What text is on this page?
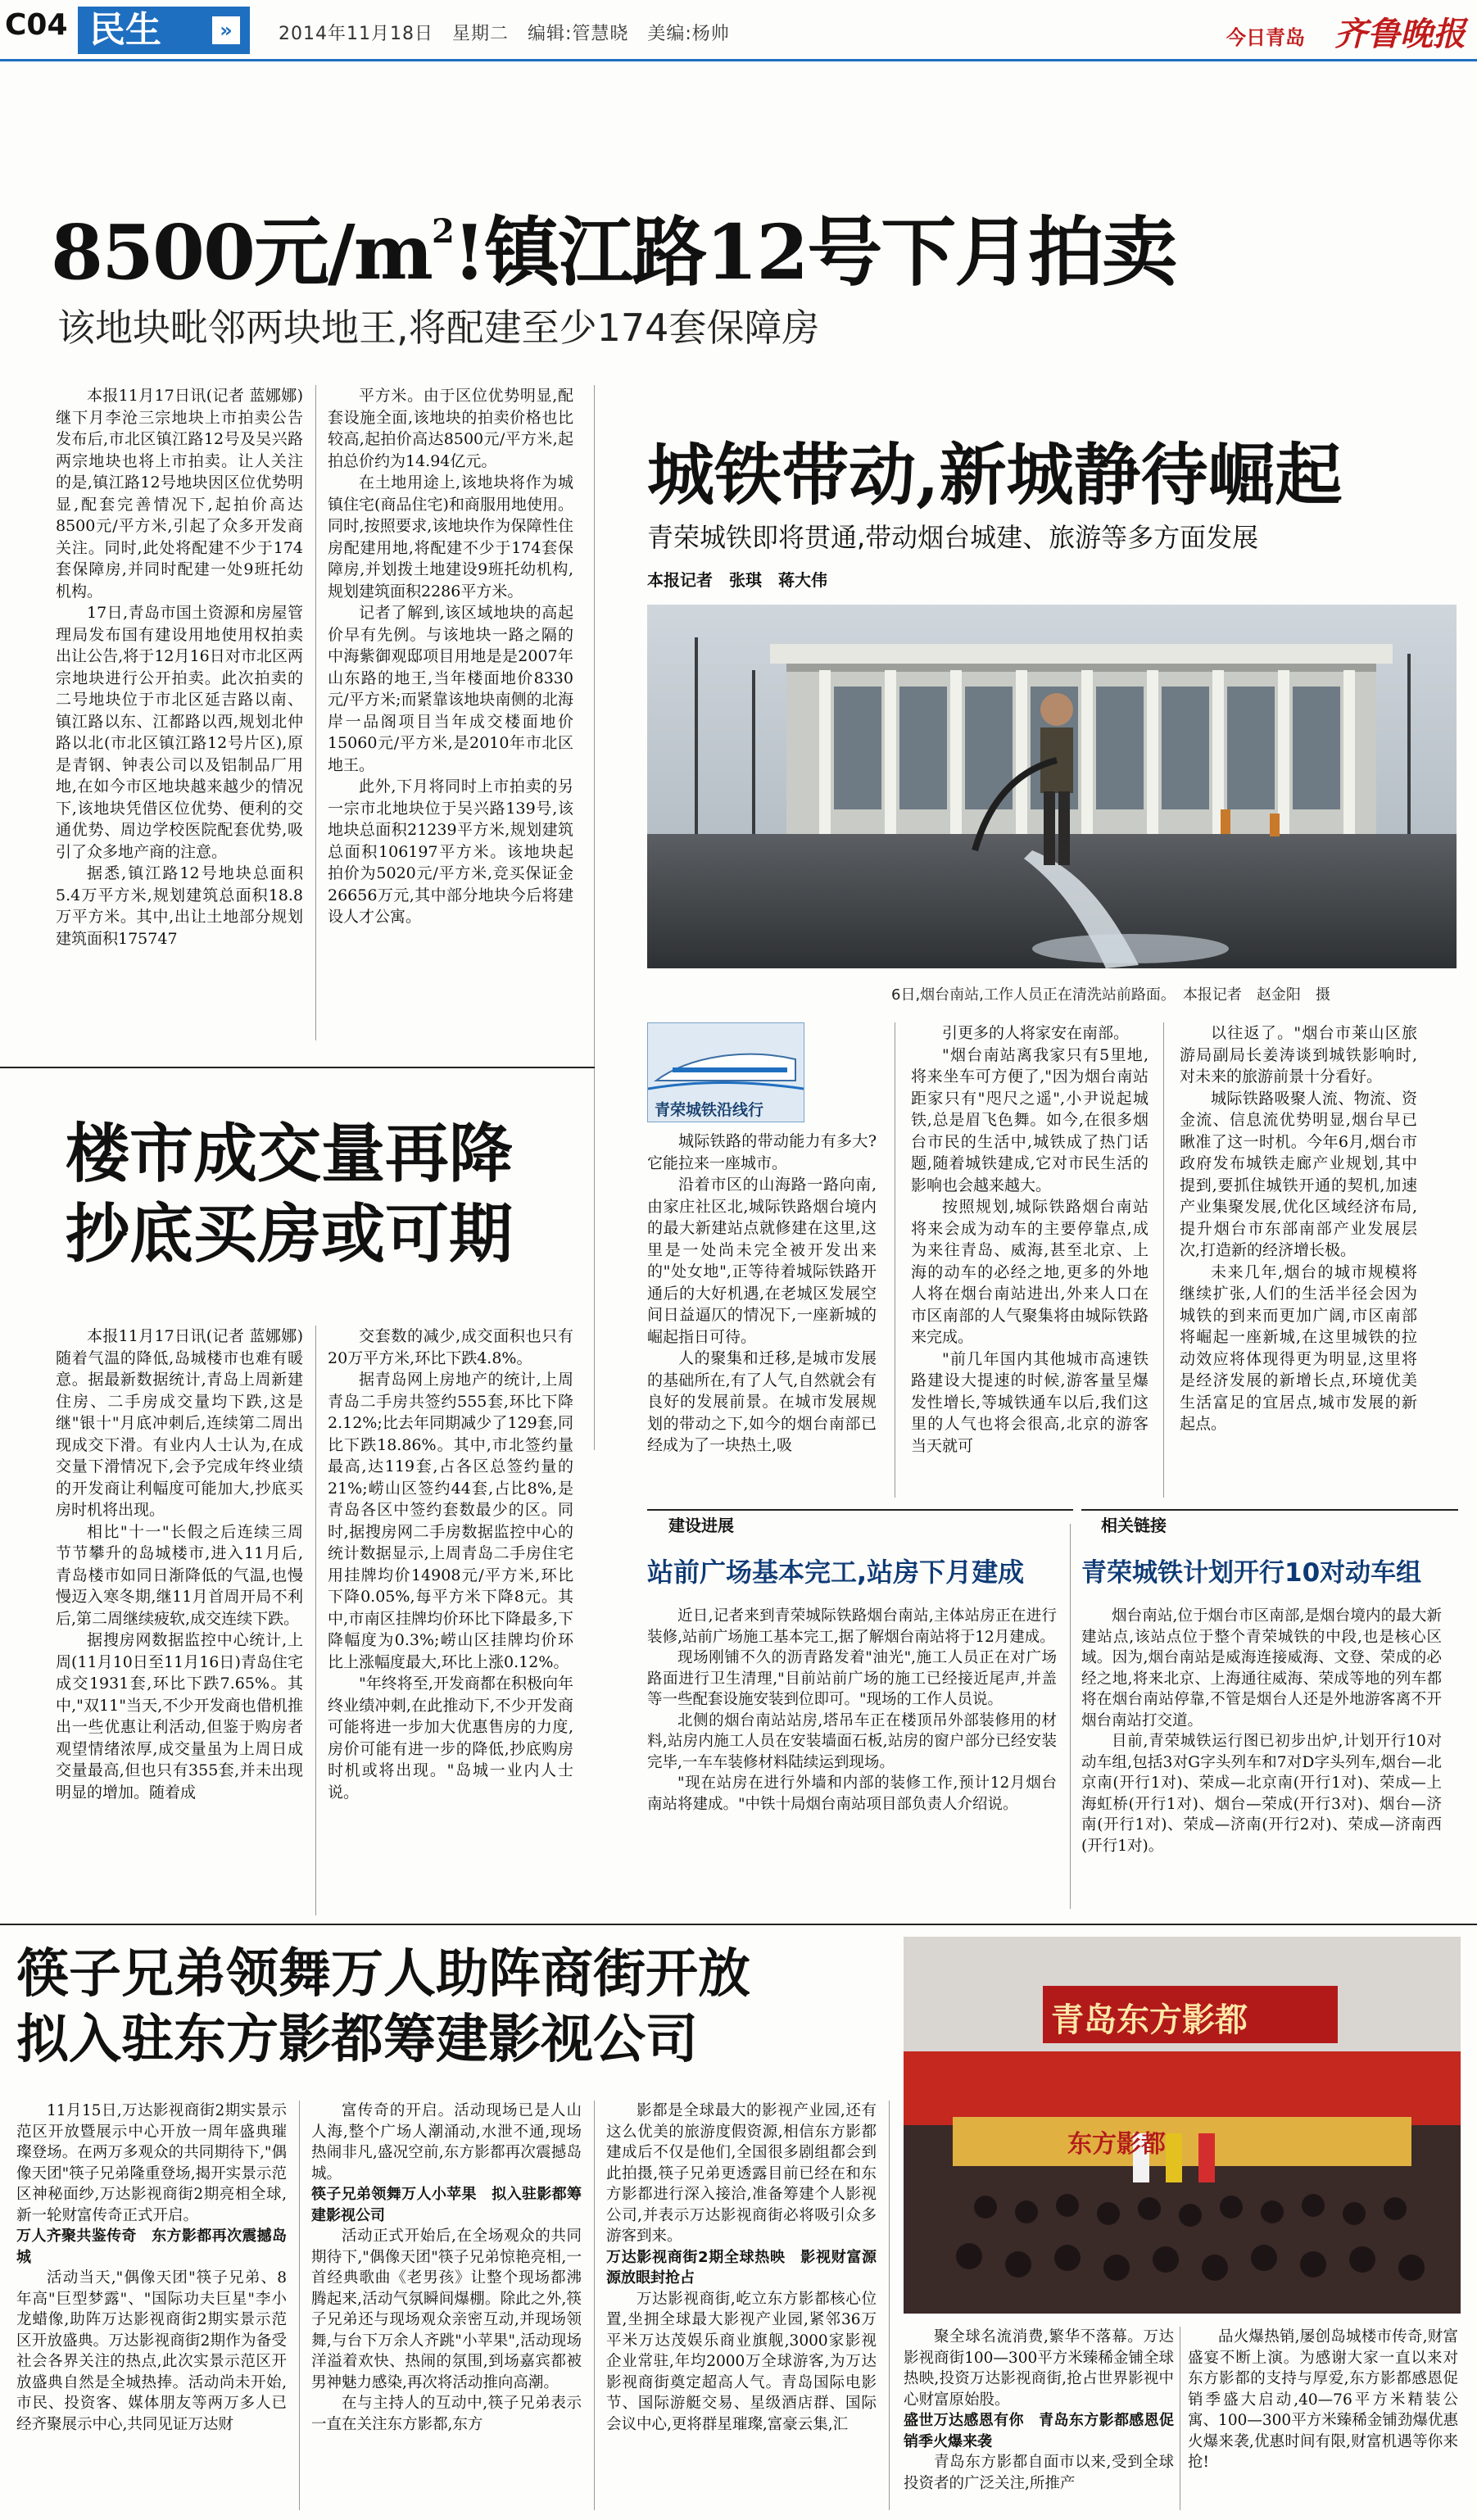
C04 民生	»	2014年11月18日　星期二　编辑:管慧晓　美编:杨帅	今日青岛 齐鲁晚报
8500元$/m^2$!镇江路12号下月拍卖
该地块毗邻两块地王,将配建至少174套保障房

本报11月17日讯(记者 蓝娜娜) 继下月李沧三宗地块上市拍卖公告发布后,市北区镇江路12号及吴兴路两宗地块也将上市拍卖。让人关注的是,镇江路12号地块因区位优势明显,配套完善情况下,起拍价高达8500元/平方米,引起了众多开发商关注。同时,此处将配建不少于174套保障房,并同时配建一处9班托幼机构。

17日,青岛市国土资源和房屋管理局发布国有建设用地使用权拍卖出让公告,将于12月16日对市北区两宗地块进行公开拍卖。此次拍卖的二号地块位于市北区延吉路以南、镇江路以东、江都路以西,规划北仲路以北(市北区镇江路12号片区),原是青钢、钟表公司以及铝制品厂用地,在如今市区地块越来越少的情况下,该地块凭借区位优势、便利的交通优势、周边学校医院配套优势,吸引了众多地产商的注意。

据悉,镇江路12号地块总面积5.4万平方米,规划建筑总面积18.8万平方米。其中,出让土地部分规划建筑面积175747

平方米。由于区位优势明显,配套设施全面,该地块的拍卖价格也比较高,起拍价高达8500元/平方米,起拍总价约为14.94亿元。

在土地用途上,该地块将作为城镇住宅(商品住宅)和商服用地使用。同时,按照要求,该地块作为保障性住房配建用地,将配建不少于174套保障房,并划拨土地建设9班托幼机构,规划建筑面积2286平方米。

记者了解到,该区域地块的高起价早有先例。与该地块一路之隔的中海紫御观邸项目用地是是2007年山东路的地王,当年楼面地价8330元/平方米;而紧靠该地块南侧的北海岸一品阁项目当年成交楼面地价15060元/平方米,是2010年市北区地王。

此外,下月将同时上市拍卖的另一宗市北地块位于吴兴路139号,该地块总面积21239平方米,规划建筑总面积106197平方米。该地块起拍价为5020元/平方米,竞买保证金26656万元,其中部分地块今后将建设人才公寓。

城铁带动,新城静待崛起
青荣城铁即将贯通,带动烟台城建、旅游等多方面发展
本报记者　张琪　蒋大伟
6日,烟台南站,工作人员正在清洗站前路面。　本报记者　赵金阳　摄
青荣城铁沿线行

城际铁路的带动能力有多大?它能拉来一座城市。

沿着市区的山海路一路向南,由家庄社区北,城际铁路烟台境内的最大新建站点就修建在这里,这里是一处尚未完全被开发出来的"处女地",正等待着城际铁路开通后的大好机遇,在老城区发展空间日益逼仄的情况下,一座新城的崛起指日可待。

人的聚集和迁移,是城市发展的基础所在,有了人气,自然就会有良好的发展前景。在城市发展规划的带动之下,如今的烟台南部已经成为了一块热土,吸

引更多的人将家安在南部。

"烟台南站离我家只有5里地,将来坐车可方便了,"因为烟台南站距家只有"咫尺之遥",小尹说起城铁,总是眉飞色舞。如今,在很多烟台市民的生活中,城铁成了热门话题,随着城铁建成,它对市民生活的影响也会越来越大。

按照规划,城际铁路烟台南站将来会成为动车的主要停靠点,成为来往青岛、威海,甚至北京、上海的动车的必经之地,更多的外地人将在烟台南站进出,外来人口在市区南部的人气聚集将由城际铁路来完成。

"前几年国内其他城市高速铁路建设大提速的时候,游客量呈爆发性增长,等城铁通车以后,我们这里的人气也将会很高,北京的游客当天就可

以往返了。"烟台市莱山区旅游局副局长姜涛谈到城铁影响时,对未来的旅游前景十分看好。

城际铁路吸聚人流、物流、资金流、信息流优势明显,烟台早已瞅准了这一时机。今年6月,烟台市政府发布城铁走廊产业规划,其中提到,要抓住城铁开通的契机,加速产业集聚发展,优化区域经济布局,提升烟台市东部南部产业发展层次,打造新的经济增长极。

未来几年,烟台的城市规模将继续扩张,人们的生活半径会因为城铁的到来而更加广阔,市区南部将崛起一座新城,在这里城铁的拉动效应将体现得更为明显,这里将是经济发展的新增长点,环境优美生活富足的宜居点,城市发展的新起点。

楼市成交量再降
抄底买房或可期

本报11月17日讯(记者 蓝娜娜) 随着气温的降低,岛城楼市也难有暖意。据最新数据统计,青岛上周新建住房、二手房成交量均下跌,这是继"银十"月底冲刺后,连续第二周出现成交下滑。有业内人士认为,在成交量下滑情况下,会予完成年终业绩的开发商让利幅度可能加大,抄底买房时机将出现。

相比"十一"长假之后连续三周节节攀升的岛城楼市,进入11月后,青岛楼市如同日渐降低的气温,也慢慢迈入寒冬期,继11月首周开局不利后,第二周继续疲软,成交连续下跌。

据搜房网数据监控中心统计,上周(11月10日至11月16日)青岛住宅成交1931套,环比下跌7.65%。其中,"双11"当天,不少开发商也借机推出一些优惠让利活动,但鉴于购房者观望情绪浓厚,成交量虽为上周日成交量最高,但也只有355套,并未出现明显的增加。随着成

交套数的减少,成交面积也只有20万平方米,环比下跌4.8%。

据青岛网上房地产的统计,上周青岛二手房共签约555套,环比下降2.12%;比去年同期减少了129套,同比下跌18.86%。其中,市北签约量最高,达119套,占各区总签约量的21%;崂山区签约44套,占比8%,是青岛各区中签约套数最少的区。同时,据搜房网二手房数据监控中心的统计数据显示,上周青岛二手房住宅用挂牌均价14908元/平方米,环比下降0.05%,每平方米下降8元。其中,市南区挂牌均价环比下降最多,下降幅度为0.3%;崂山区挂牌均价环比上涨幅度最大,环比上涨0.12%。

"年终将至,开发商都在积极向年终业绩冲刺,在此推动下,不少开发商可能将进一步加大优惠售房的力度,房价可能有进一步的降低,抄底购房时机或将出现。"岛城一业内人士说。

建设进展
站前广场基本完工,站房下月建成

近日,记者来到青荣城际铁路烟台南站,主体站房正在进行装修,站前广场施工基本完工,据了解烟台南站将于12月建成。

现场刚铺不久的沥青路发着"油光",施工人员正在对广场路面进行卫生清理,"目前站前广场的施工已经接近尾声,并盖等一些配套设施安装到位即可。"现场的工作人员说。

北侧的烟台南站站房,塔吊车正在楼顶吊外部装修用的材料,站房内施工人员在安装墙面石板,站房的窗户部分已经安装完毕,一车车装修材料陆续运到现场。

"现在站房在进行外墙和内部的装修工作,预计12月烟台南站将建成。"中铁十局烟台南站项目部负责人介绍说。

相关链接
青荣城铁计划开行10对动车组

烟台南站,位于烟台市区南部,是烟台境内的最大新建站点,该站点位于整个青荣城铁的中段,也是核心区域。因为,烟台南站是威海连接威海、文登、荣成的必经之地,将来北京、上海通往威海、荣成等地的列车都将在烟台南站停靠,不管是烟台人还是外地游客离不开烟台南站打交道。

目前,青荣城铁运行图已初步出炉,计划开行10对动车组,包括3对G字头列车和7对D字头列车,烟台—北京南(开行1对)、荣成—北京南(开行1对)、荣成—上海虹桥(开行1对)、烟台—荣成(开行3对)、烟台—济南(开行1对)、荣成—济南(开行2对)、荣成—济南西(开行1对)。

筷子兄弟领舞万人助阵商街开放
拟入驻东方影都筹建影视公司	青岛东方影都
东方影都

11月15日,万达影视商街2期实景示范区开放暨展示中心开放一周年盛典璀璨登场。在两万多观众的共同期待下,"偶像天团"筷子兄弟隆重登场,揭开实景示范区神秘面纱,万达影视商街2期亮相全球,新一轮财富传奇正式开启。

万人齐聚共鉴传奇　东方影都再次震撼岛城

活动当天,"偶像天团"筷子兄弟、8年高"巨型梦露"、"国际功夫巨星"李小龙蜡像,助阵万达影视商街2期实景示范区开放盛典。万达影视商街2期作为备受社会各界关注的热点,此次实景示范区开放盛典自然是全城热捧。活动尚未开始,市民、投资客、媒体朋友等两万多人已经齐聚展示中心,共同见证万达财

富传奇的开启。活动现场已是人山人海,整个广场人潮涌动,水泄不通,现场热闹非凡,盛况空前,东方影都再次震撼岛城。

筷子兄弟领舞万人小苹果　拟入驻影都筹建影视公司

活动正式开始后,在全场观众的共同期待下,"偶像天团"筷子兄弟惊艳亮相,一首经典歌曲《老男孩》让整个现场都沸腾起来,活动气氛瞬间爆棚。除此之外,筷子兄弟还与现场观众亲密互动,并现场领舞,与台下万余人齐跳"小苹果",活动现场洋溢着欢快、热闹的氛围,到场嘉宾都被男神魅力感染,再次将活动推向高潮。

在与主持人的互动中,筷子兄弟表示一直在关注东方影都,东方

影都是全球最大的影视产业园,还有这么优美的旅游度假资源,相信东方影都建成后不仅是他们,全国很多剧组都会到此拍摄,筷子兄弟更透露目前已经在和东方影都进行深入接洽,准备筹建个人影视公司,并表示万达影视商街必将吸引众多游客到来。

万达影视商街2期全球热映　影视财富源源放眼封抢占

万达影视商街,屹立东方影都核心位置,坐拥全球最大影视产业园,紧邻36万平米万达茂娱乐商业旗舰,3000家影视企业常驻,年均2000万全球游客,为万达影视商街奠定超高人气。青岛国际电影节、国际游艇交易、星级酒店群、国际会议中心,更将群星璀璨,富豪云集,汇

聚全球名流消费,繁华不落幕。万达影视商街100—300平方米臻稀金铺全球热映,投资万达影视商街,抢占世界影视中心财富原始股。

盛世万达感恩有你　青岛东方影都感恩促销季火爆来袭

青岛东方影都自面市以来,受到全球投资者的广泛关注,所推产

品火爆热销,屡创岛城楼市传奇,财富盛宴不断上演。为感谢大家一直以来对东方影都的支持与厚爱,东方影都感恩促销季盛大启动,40—76平方米精装公寓、100—300平方米臻稀金铺劲爆优惠火爆来袭,优惠时间有限,财富机遇等你来抢!
